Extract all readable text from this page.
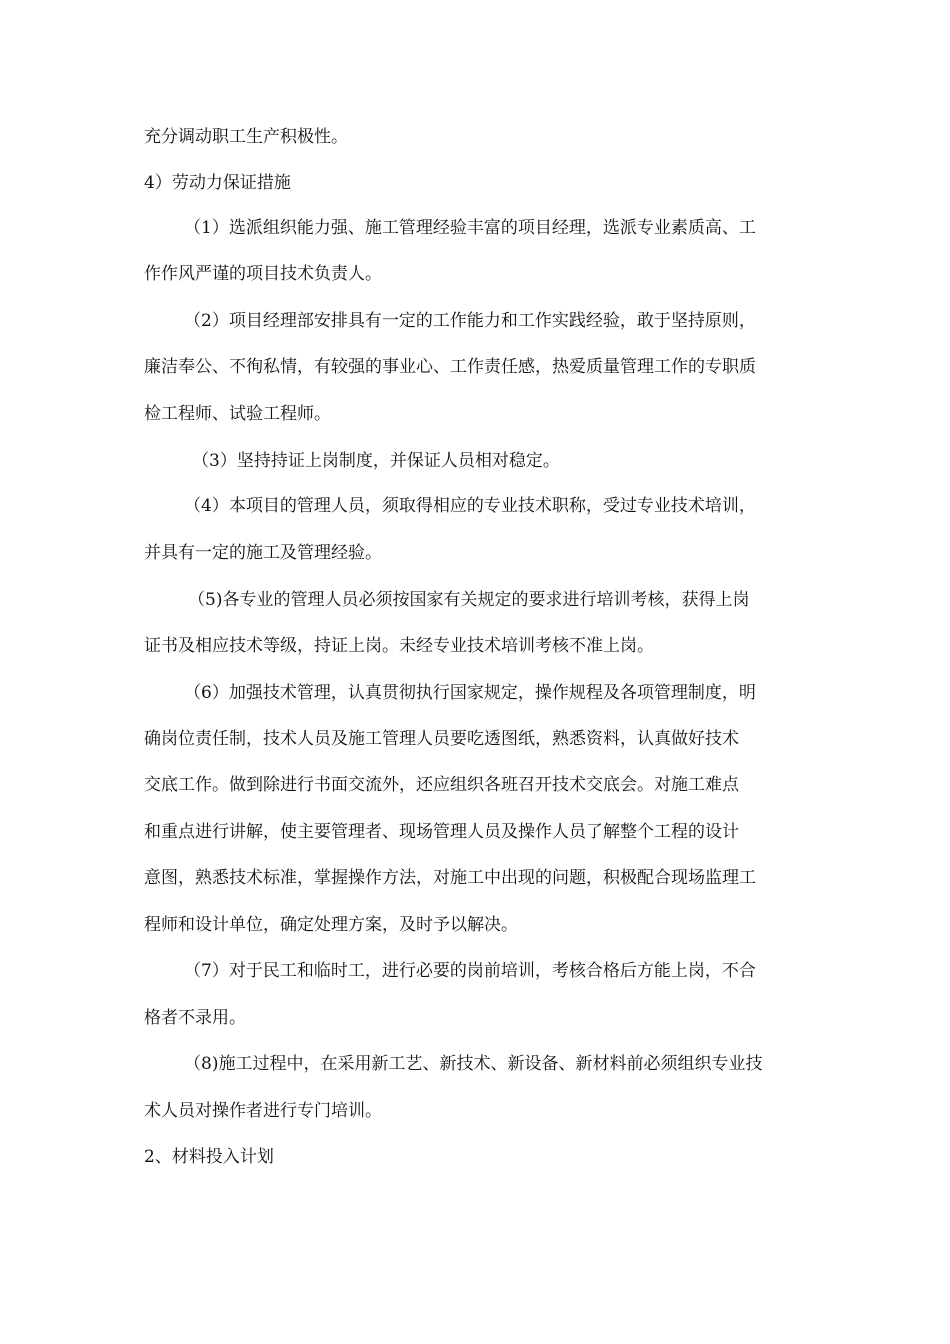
充分调动职工生产积极性。
4）劳动力保证措施
（1）选派组织能力强、施工管理经验丰富的项目经理，选派专业素质高、工
作作风严谨的项目技术负责人。
（2）项目经理部安排具有一定的工作能力和工作实践经验，敢于坚持原则，
廉洁奉公、不徇私情，有较强的事业心、工作责任感，热爱质量管理工作的专职质
检工程师、试验工程师。
（3）坚持持证上岗制度，并保证人员相对稳定。
（4）本项目的管理人员，须取得相应的专业技术职称，受过专业技术培训，
并具有一定的施工及管理经验。
（5)各专业的管理人员必须按国家有关规定的要求进行培训考核，获得上岗
证书及相应技术等级，持证上岗。未经专业技术培训考核不准上岗。
（6）加强技术管理，认真贯彻执行国家规定，操作规程及各项管理制度，明
确岗位责任制，技术人员及施工管理人员要吃透图纸，熟悉资料，认真做好技术
交底工作。做到除进行书面交流外，还应组织各班召开技术交底会。对施工难点
和重点进行讲解，使主要管理者、现场管理人员及操作人员了解整个工程的设计
意图，熟悉技术标准，掌握操作方法，对施工中出现的问题，积极配合现场监理工
程师和设计单位，确定处理方案，及时予以解决。
（7）对于民工和临时工，进行必要的岗前培训，考核合格后方能上岗，不合
格者不录用。
（8)施工过程中，在采用新工艺、新技术、新设备、新材料前必须组织专业技
术人员对操作者进行专门培训。
2、材料投入计划
